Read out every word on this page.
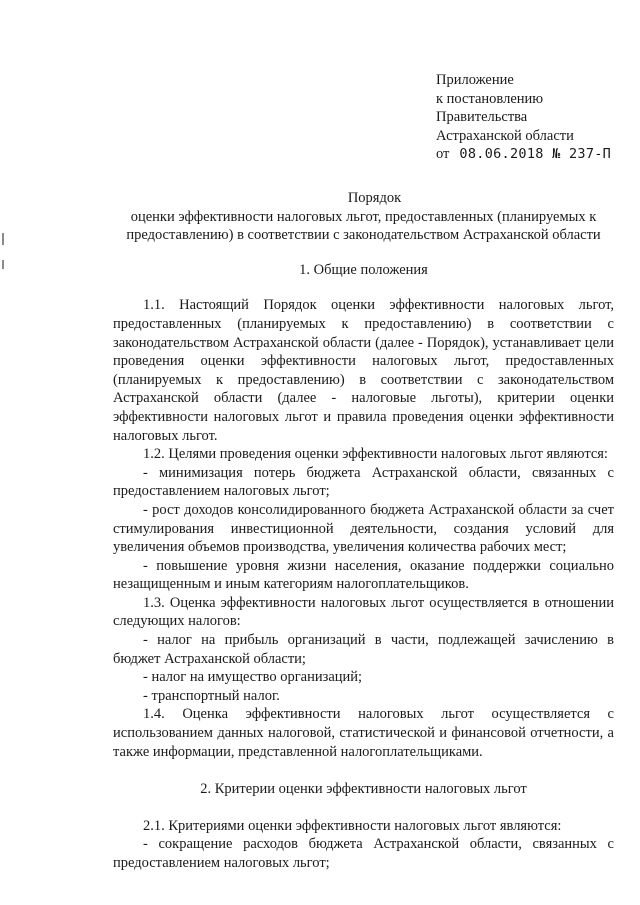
Приложение
к постановлению
Правительства
Астраханской области
от 08.06.2018 № 237-П
Порядок
оценки эффективности налоговых льгот, предоставленных (планируемых к предоставлению) в соответствии с законодательством Астраханской области
1. Общие положения

1.1. Настоящий Порядок оценки эффективности налоговых льгот, предоставленных (планируемых к предоставлению) в соответствии с законодательством Астраханской области (далее - Порядок), устанавливает цели проведения оценки эффективности налоговых льгот, предоставленных (планируемых к предоставлению) в соответствии с законодательством Астраханской области (далее - налоговые льготы), критерии оценки эффективности налоговых льгот и правила проведения оценки эффективности налоговых льгот.

1.2. Целями проведения оценки эффективности налоговых льгот являются:

- минимизация потерь бюджета Астраханской области, связанных с предоставлением налоговых льгот;

- рост доходов консолидированного бюджета Астраханской области за счет стимулирования инвестиционной деятельности, создания условий для увеличения объемов производства, увеличения количества рабочих мест;

- повышение уровня жизни населения, оказание поддержки социально незащищенным и иным категориям налогоплательщиков.

1.3. Оценка эффективности налоговых льгот осуществляется в отношении следующих налогов:

- налог на прибыль организаций в части, подлежащей зачислению в бюджет Астраханской области;

- налог на имущество организаций;

- транспортный налог.

1.4. Оценка эффективности налоговых льгот осуществляется с использованием данных налоговой, статистической и финансовой отчетности, а также информации, представленной налогоплательщиками.

2. Критерии оценки эффективности налоговых льгот

2.1. Критериями оценки эффективности налоговых льгот являются:

- сокращение расходов бюджета Астраханской области, связанных с предоставлением налоговых льгот;
